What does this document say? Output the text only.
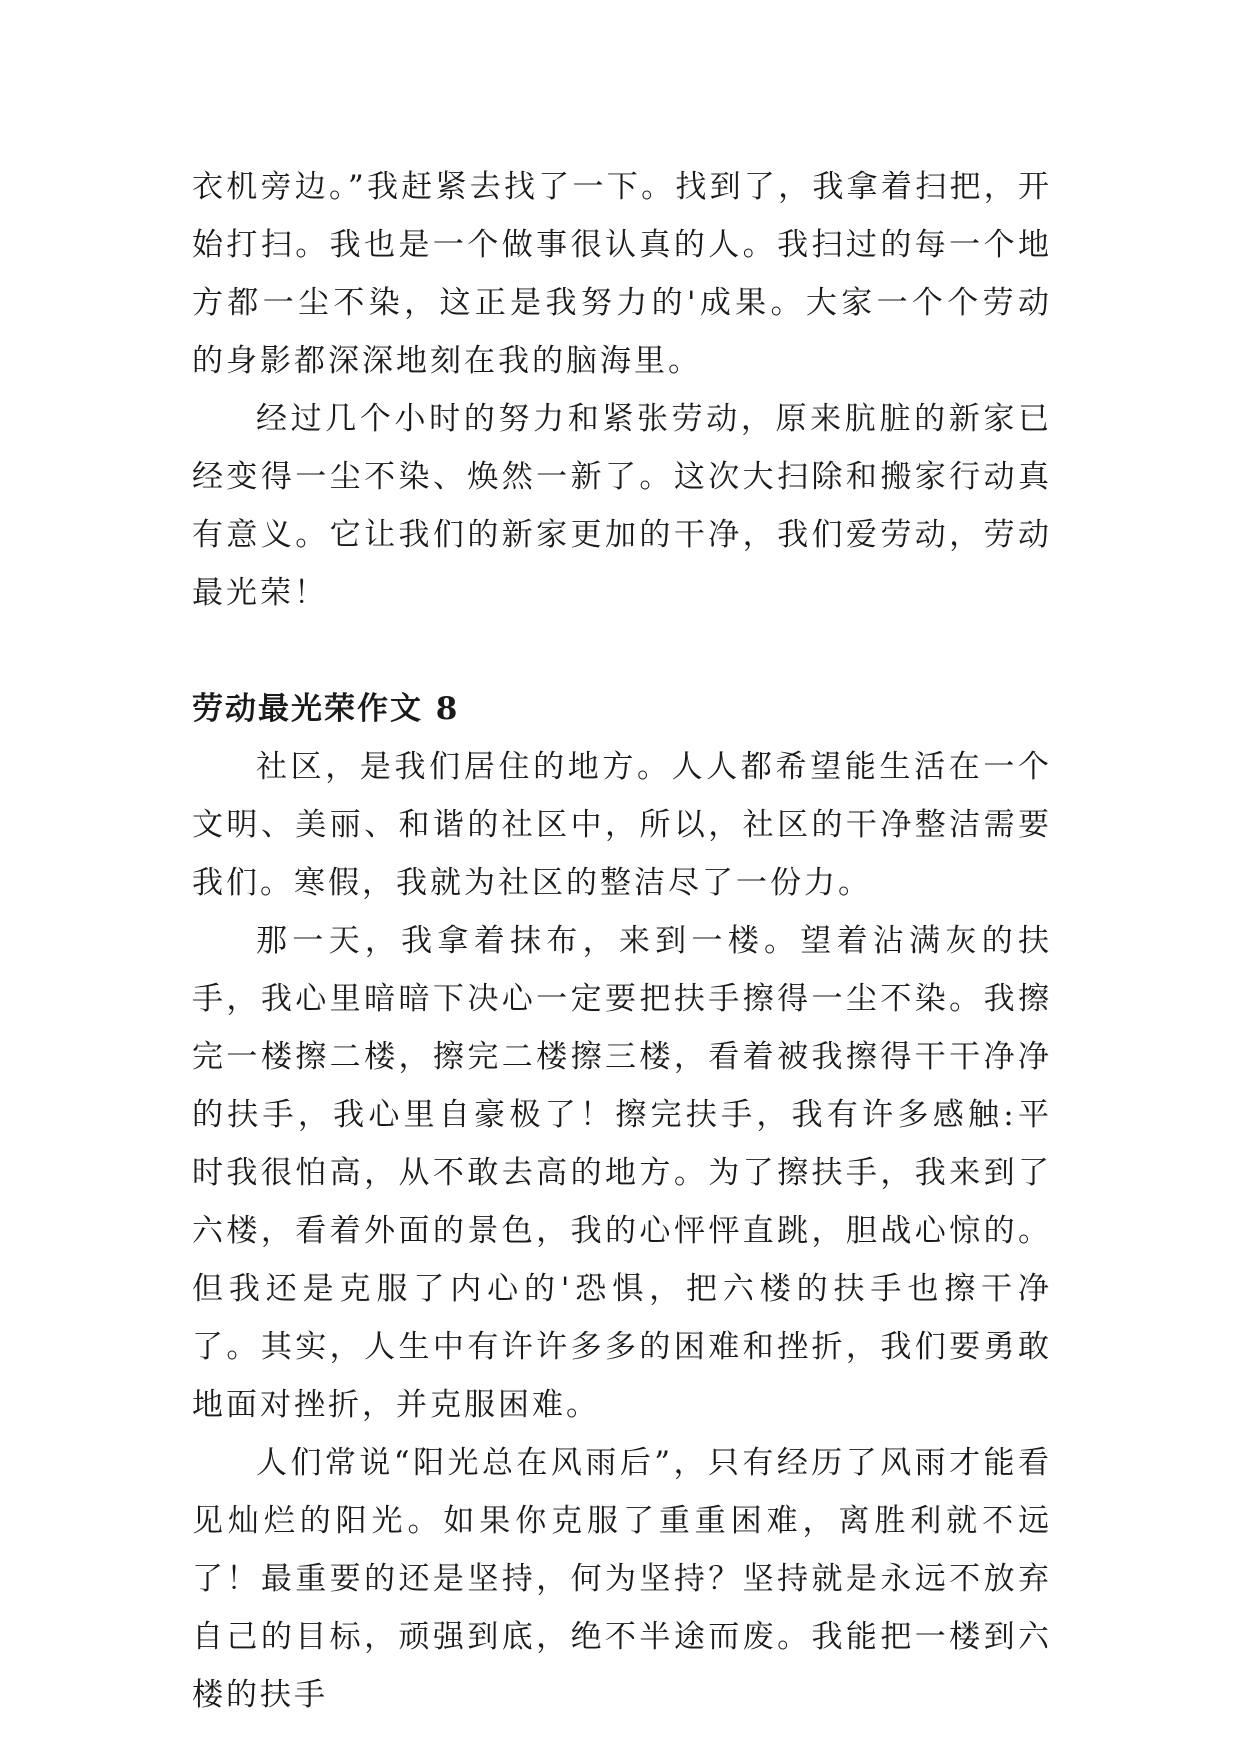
衣机旁边。”我赶紧去找了一下。找到了，我拿着扫把，开始打扫。我也是一个做事很认真的人。我扫过的每一个地方都一尘不染，这正是我努力的'成果。大家一个个劳动的身影都深深地刻在我的脑海里。

经过几个小时的努力和紧张劳动，原来肮脏的新家已经变得一尘不染、焕然一新了。这次大扫除和搬家行动真有意义。它让我们的新家更加的干净，我们爱劳动，劳动最光荣！

劳动最光荣作文 8

社区，是我们居住的地方。人人都希望能生活在一个文明、美丽、和谐的社区中，所以，社区的干净整洁需要我们。寒假，我就为社区的整洁尽了一份力。

那一天，我拿着抹布，来到一楼。望着沾满灰的扶手，我心里暗暗下决心一定要把扶手擦得一尘不染。我擦完一楼擦二楼，擦完二楼擦三楼，看着被我擦得干干净净的扶手，我心里自豪极了！擦完扶手，我有许多感触:平时我很怕高，从不敢去高的地方。为了擦扶手，我来到了六楼，看着外面的景色，我的心怦怦直跳，胆战心惊的。但我还是克服了内心的'恐惧，把六楼的扶手也擦干净了。其实，人生中有许许多多的困难和挫折，我们要勇敢地面对挫折，并克服困难。

人们常说“阳光总在风雨后”，只有经历了风雨才能看见灿烂的阳光。如果你克服了重重困难，离胜利就不远了！最重要的还是坚持，何为坚持？坚持就是永远不放弃自己的目标，顽强到底，绝不半途而废。我能把一楼到六楼的扶手
